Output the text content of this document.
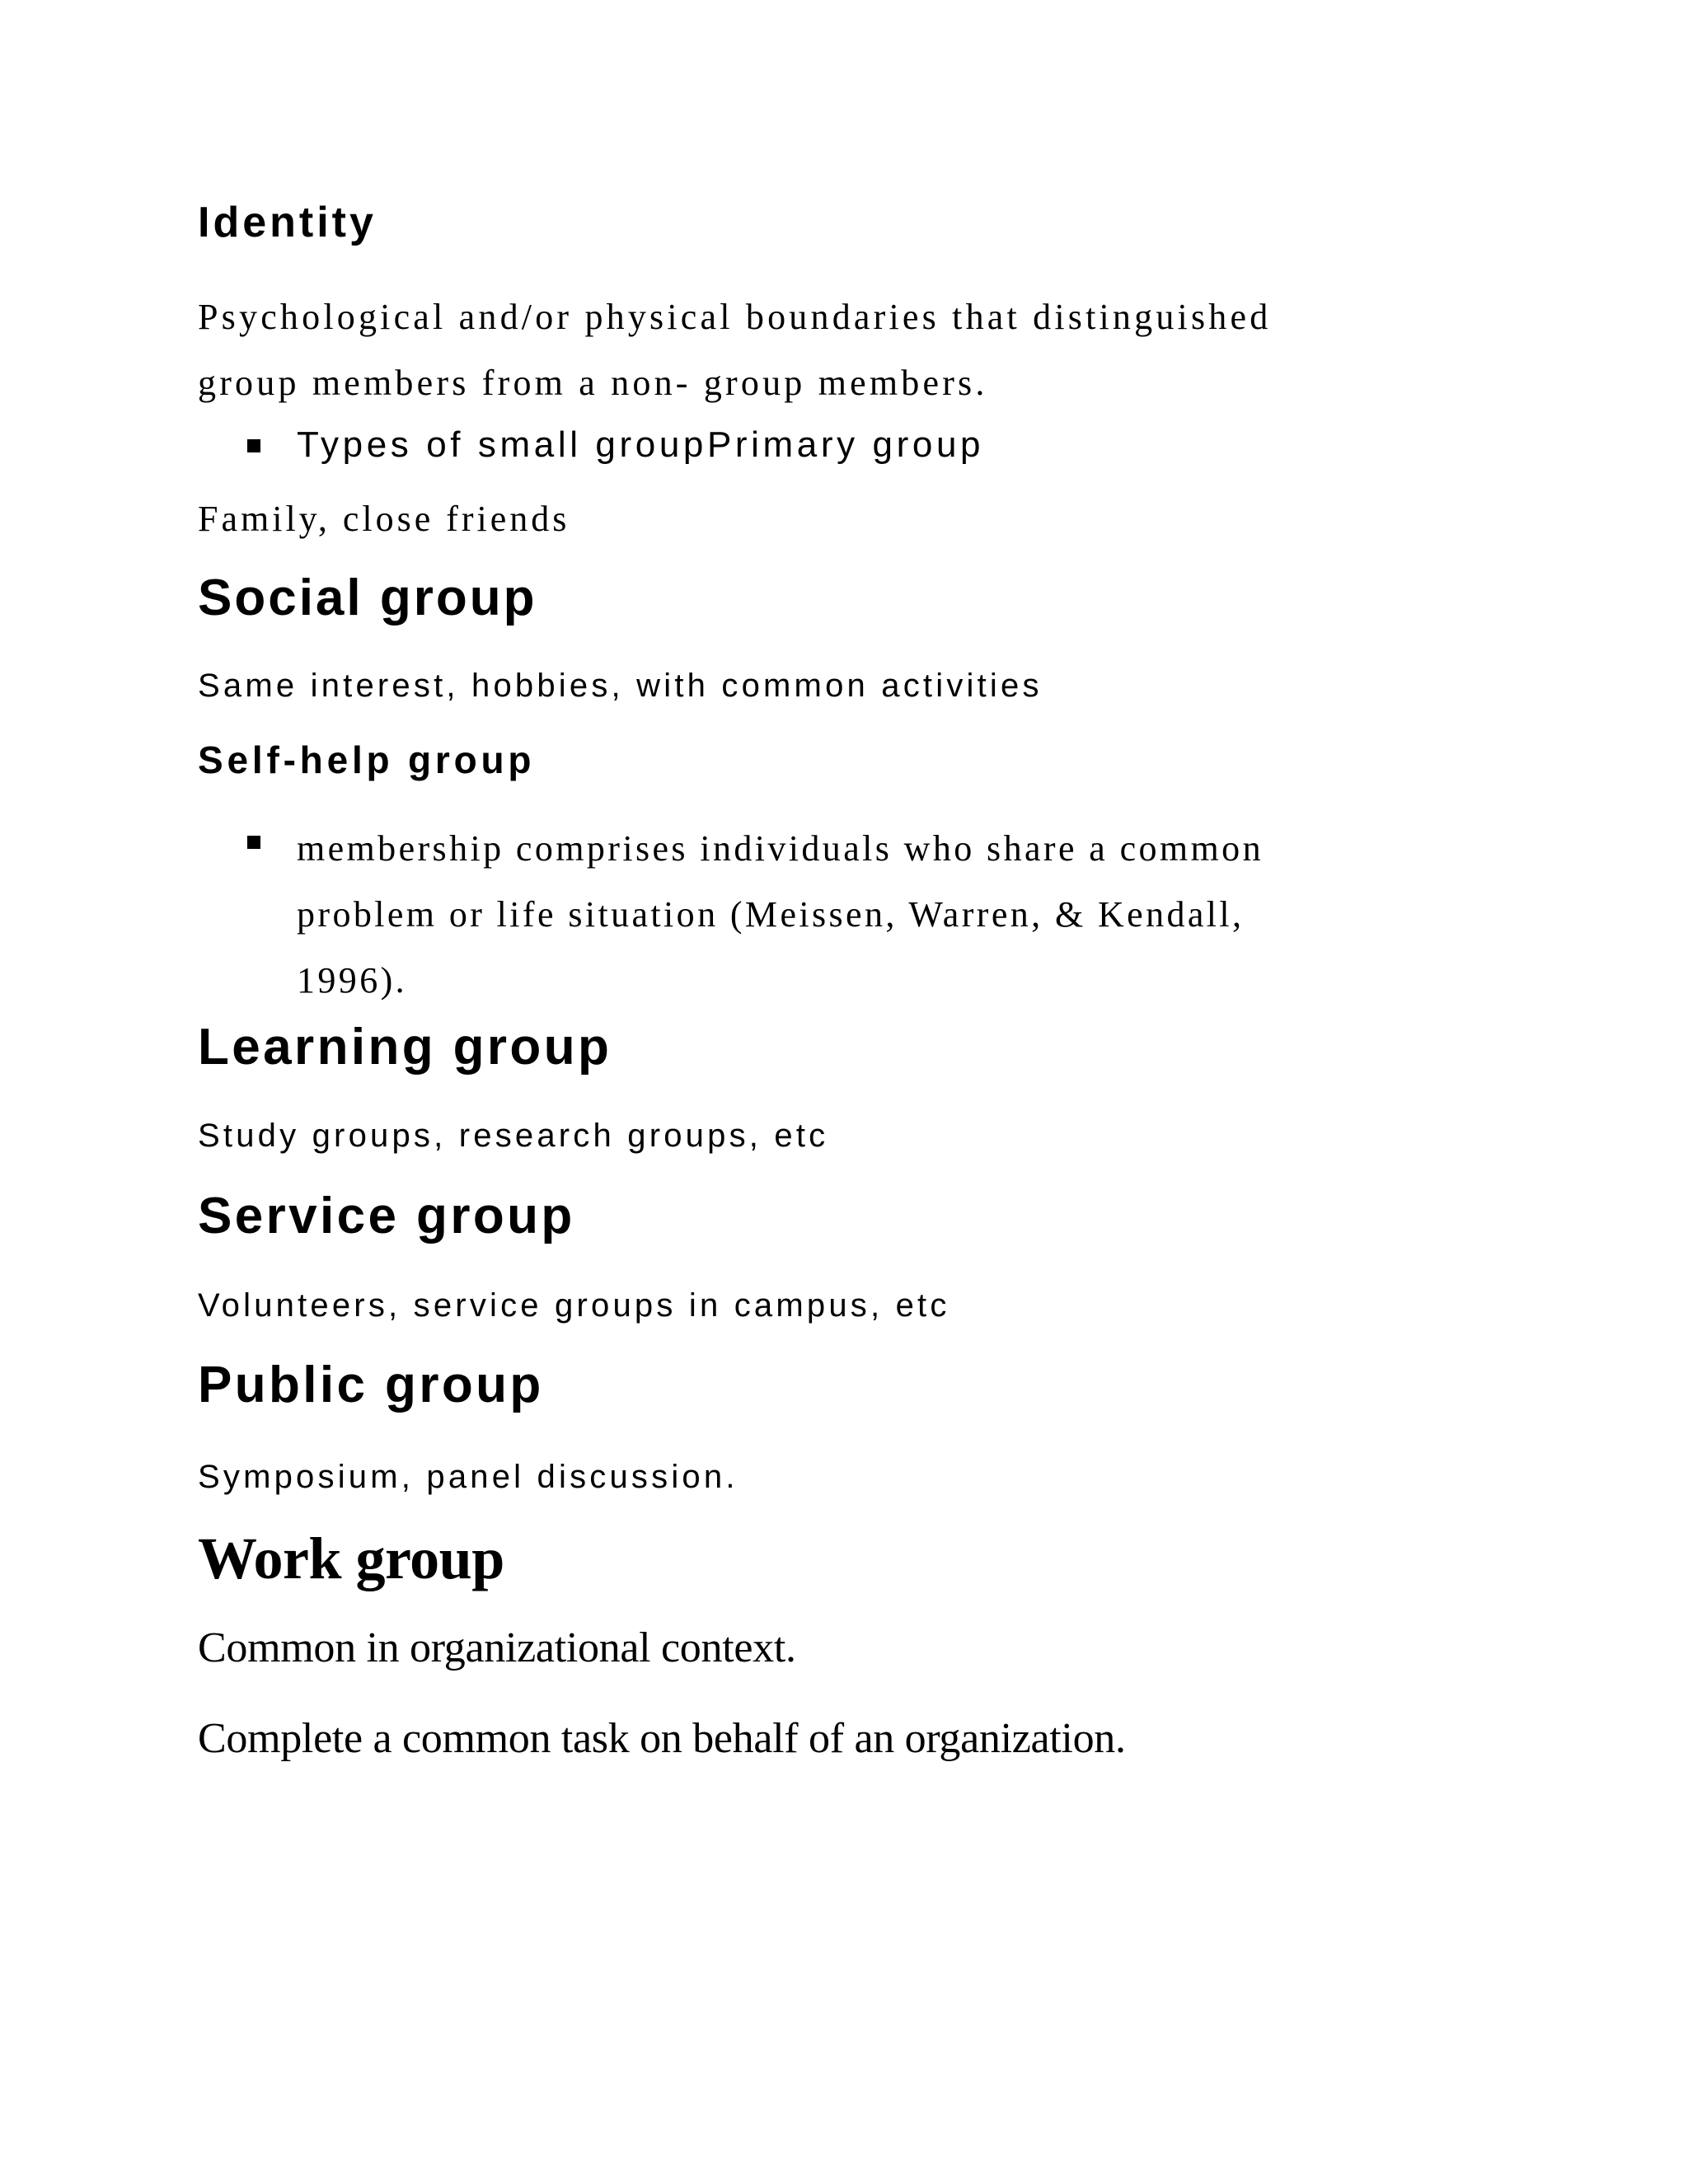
Identity
Psychological and/or physical boundaries that distinguished
group members from a non- group members.
Types of small groupPrimary group
Family, close friends
Social group
Same interest, hobbies, with common activities
Self-help group
membership comprises individuals who share a common
problem or life situation (Meissen, Warren, & Kendall,
1996).
Learning group
Study groups, research groups, etc
Service group
Volunteers, service groups in campus, etc
Public group
Symposium, panel discussion.
Work group
Common in organizational context.
Complete a common task on behalf of an organization.
